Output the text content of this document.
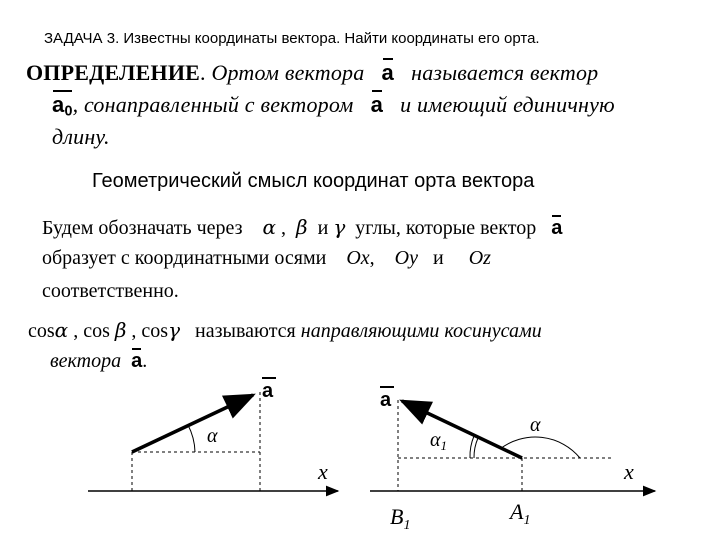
ЗАДАЧА 3. Известны координаты вектора. Найти координаты его орта.
ОПРЕДЕЛЕНИЕ. Ортом вектора a называется вектор
$a_0$, сонаправленный с вектором a и имеющий единичную
длину.
Геометрический смысл координат орта вектора
Будем обозначать через α , β и γ углы, которые вектор a
образует с координатными осями Ox, Oy и Oz
соответственно.
cosα , cos β , cosγ называются направляющими косинусами
вектора a.
a
α
x
a
α
$\alpha_1$
x
$B_1$
$A_1$
